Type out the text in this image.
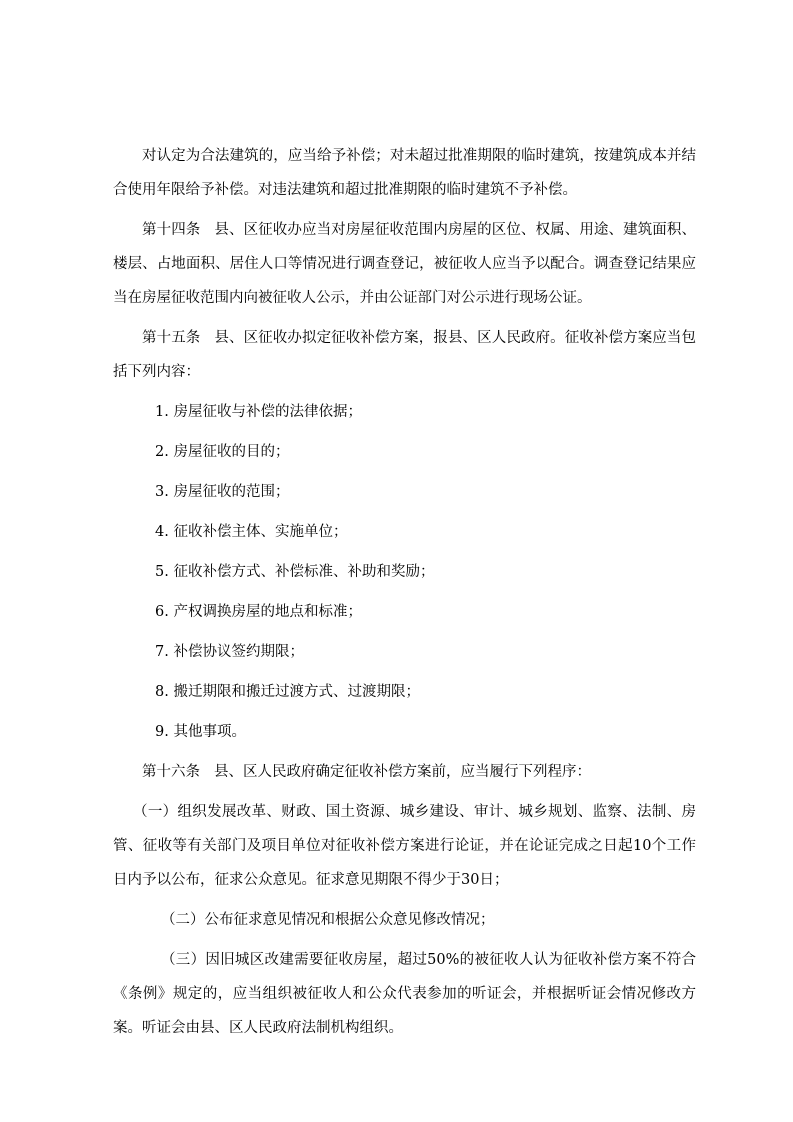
对认定为合法建筑的，应当给予补偿；对未超过批准期限的临时建筑，按建筑成本并结合使用年限给予补偿。对违法建筑和超过批准期限的临时建筑不予补偿。

第十四条 县、区征收办应当对房屋征收范围内房屋的区位、权属、用途、建筑面积、楼层、占地面积、居住人口等情况进行调查登记，被征收人应当予以配合。调查登记结果应当在房屋征收范围内向被征收人公示，并由公证部门对公示进行现场公证。

第十五条 县、区征收办拟定征收补偿方案，报县、区人民政府。征收补偿方案应当包括下列内容：

1. 房屋征收与补偿的法律依据；

2. 房屋征收的目的；

3. 房屋征收的范围；

4. 征收补偿主体、实施单位；

5. 征收补偿方式、补偿标准、补助和奖励；

6. 产权调换房屋的地点和标准；

7. 补偿协议签约期限；

8. 搬迁期限和搬迁过渡方式、过渡期限；

9. 其他事项。

第十六条 县、区人民政府确定征收补偿方案前，应当履行下列程序：

（一）组织发展改革、财政、国土资源、城乡建设、审计、城乡规划、监察、法制、房管、征收等有关部门及项目单位对征收补偿方案进行论证，并在论证完成之日起10个工作日内予以公布，征求公众意见。征求意见期限不得少于30日；

（二）公布征求意见情况和根据公众意见修改情况；

（三）因旧城区改建需要征收房屋，超过50%的被征收人认为征收补偿方案不符合《条例》规定的，应当组织被征收人和公众代表参加的听证会，并根据听证会情况修改方案。听证会由县、区人民政府法制机构组织。
